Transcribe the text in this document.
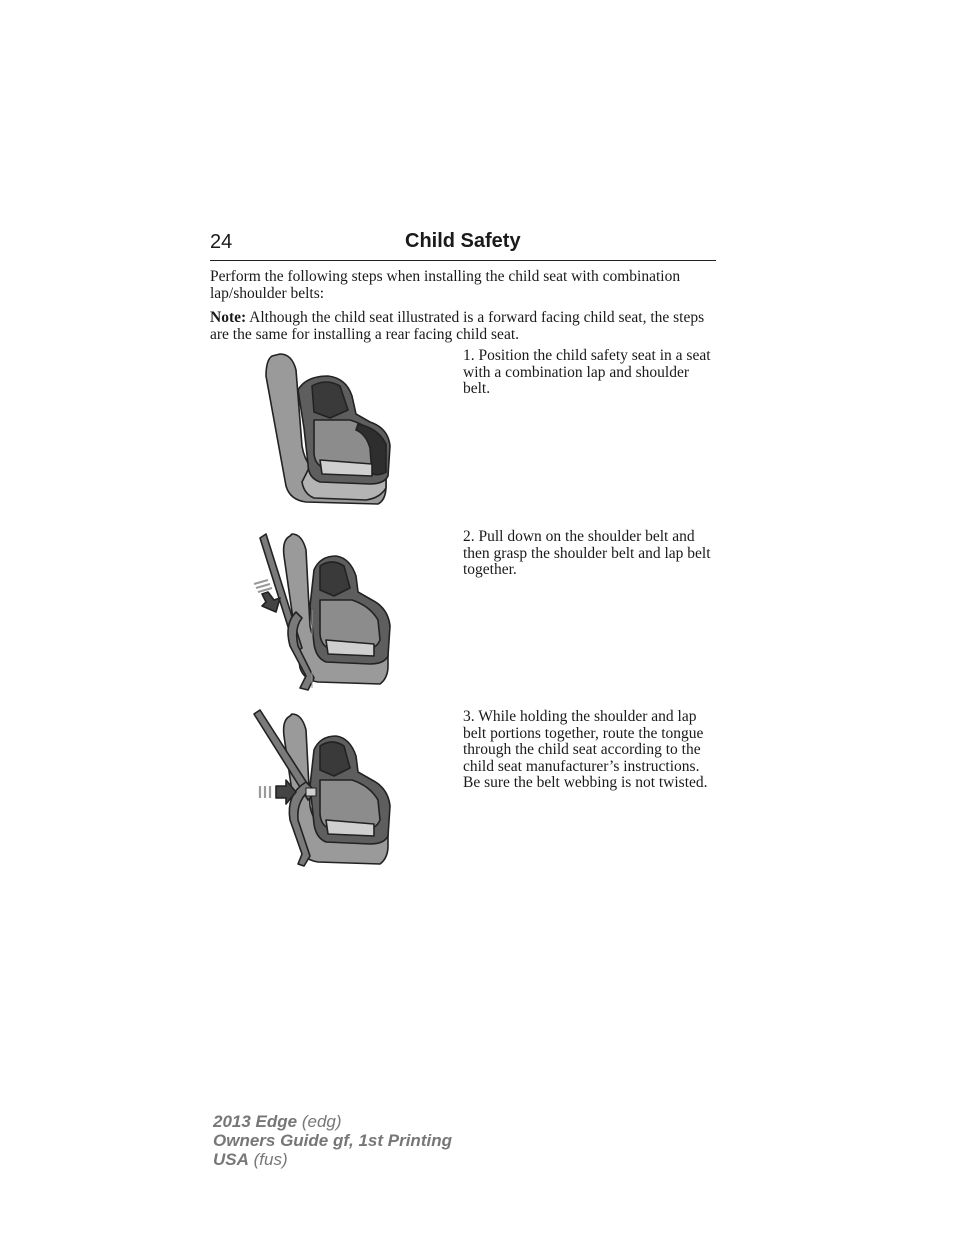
24	Child Safety
Perform the following steps when installing the child seat with combination lap/shoulder belts:
Note: Although the child seat illustrated is a forward facing child seat, the steps are the same for installing a rear facing child seat.
1. Position the child safety seat in a seat with a combination lap and shoulder belt.
2. Pull down on the shoulder belt and then grasp the shoulder belt and lap belt together.
3. While holding the shoulder and lap belt portions together, route the tongue through the child seat according to the child seat manufacturer’s instructions. Be sure the belt webbing is not twisted.
2013 Edge (edg)
Owners Guide gf, 1st Printing
USA (fus)
